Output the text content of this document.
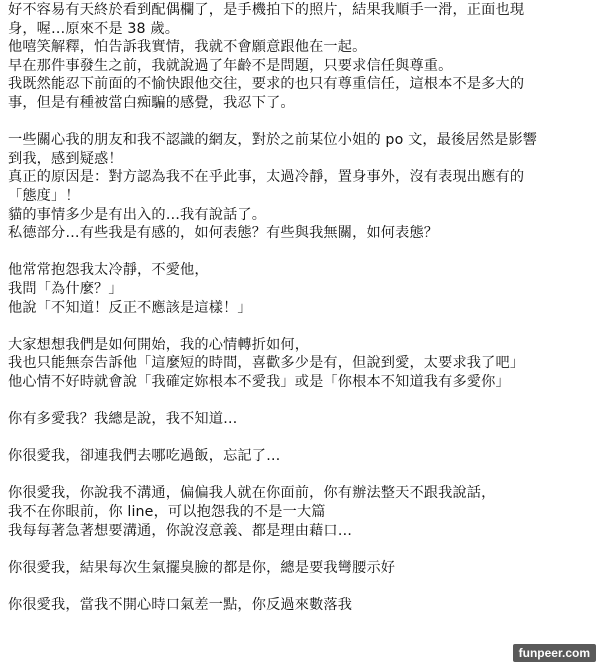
好不容易有天終於看到配偶欄了，是手機拍下的照片，結果我順手一滑，正面也現
身，喔…原來不是 38 歲。
他嘻笑解釋，怕告訴我實情，我就不會願意跟他在一起。
早在那件事發生之前，我就說過了年齡不是問題，只要求信任與尊重。
我既然能忍下前面的不愉快跟他交往，要求的也只有尊重信任，這根本不是多大的
事，但是有種被當白痴騙的感覺，我忍下了。
一些關心我的朋友和我不認識的網友，對於之前某位小姐的 po 文，最後居然是影響
到我，感到疑惑！
真正的原因是：對方認為我不在乎此事，太過冷靜，置身事外，沒有表現出應有的
「態度」！
貓的事情多少是有出入的…我有說話了。
私德部分…有些我是有感的，如何表態？有些與我無關，如何表態？
他常常抱怨我太冷靜，不愛他，
我問「為什麼？」
他說「不知道！反正不應該是這樣！」
大家想想我們是如何開始，我的心情轉折如何，
我也只能無奈告訴他「這麼短的時間，喜歡多少是有，但說到愛，太要求我了吧」
他心情不好時就會說「我確定妳根本不愛我」或是「你根本不知道我有多愛你」
你有多愛我？我總是說，我不知道…
你很愛我，卻連我們去哪吃過飯，忘記了…
你很愛我，你說我不溝通，偏偏我人就在你面前，你有辦法整天不跟我說話，
我不在你眼前，你 line，可以抱怨我的不是一大篇
我每每著急著想要溝通，你說沒意義、都是理由藉口…
你很愛我，結果每次生氣擺臭臉的都是你，總是要我彎腰示好
你很愛我，當我不開心時口氣差一點，你反過來數落我
funpeer.com
